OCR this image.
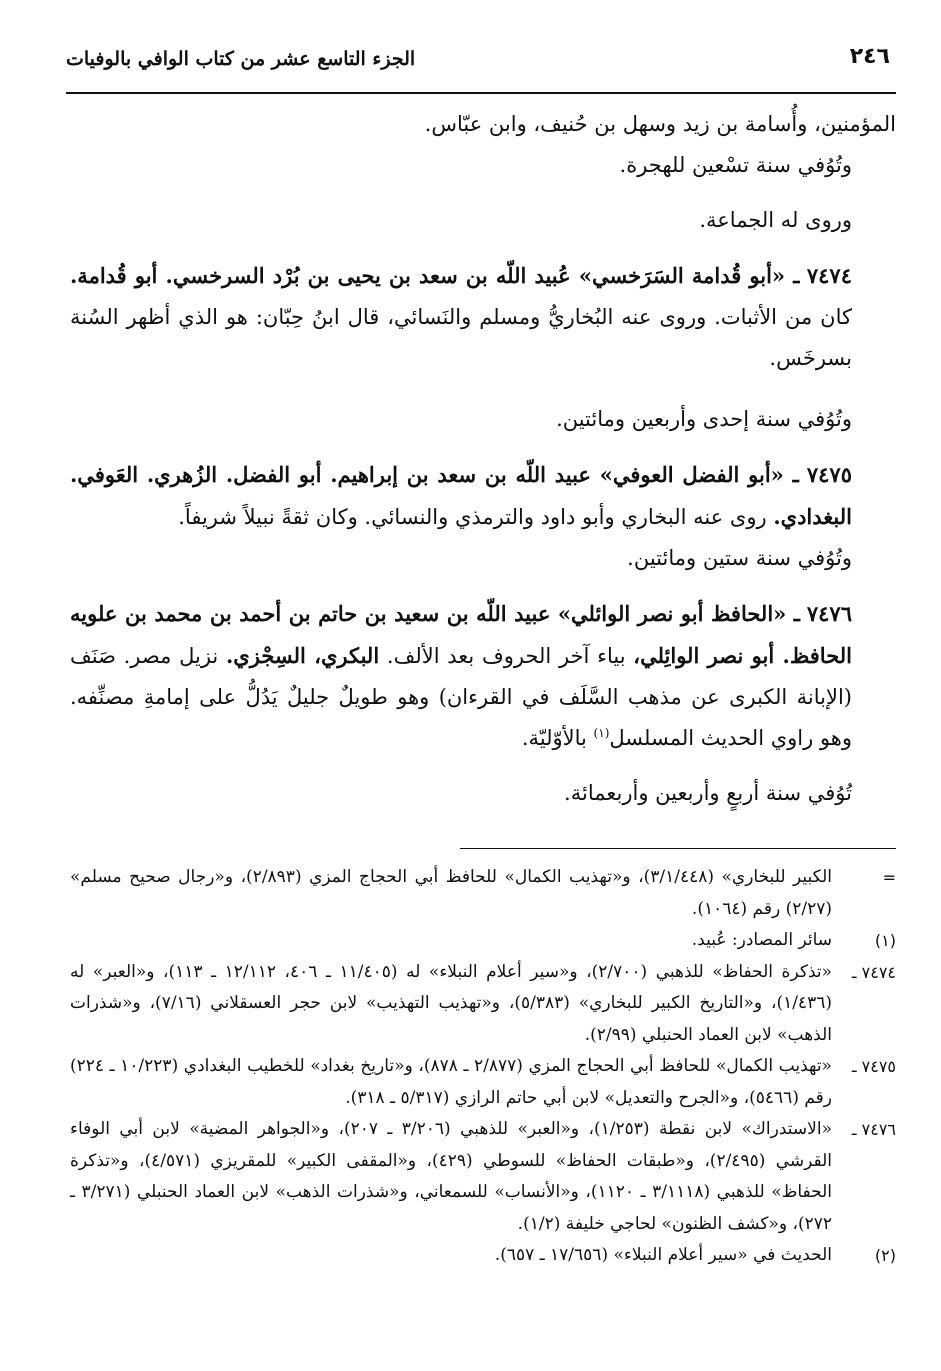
٢٤٦
الجزء التاسع عشر من كتاب الوافي بالوفيات

المؤمنين، وأُسامة بن زيد وسهل بن حُنيف، وابن عبّاس.

وتُوُفي سنة تسْعين للهجرة.

وروى له الجماعة.

٧٤٧٤ ـ «أبو قُدامة السَرَخسي» عُبيد اللّه بن سعد بن يحيى بن بُرْد السرخسي. أبو قُدامة. كان من الأثبات. وروى عنه البُخاريُّ ومسلم والنَسائي، قال ابنُ حِبّان: هو الذي أظهر السُنة بسرخَس.

وتُوُفي سنة إحدى وأربعين ومائتين.

٧٤٧٥ ـ «أبو الفضل العوفي» عبيد اللّه بن سعد بن إبراهيم. أبو الفضل. الزُهري. العَوفي. البغدادي. روى عنه البخاري وأبو داود والترمذي والنسائي. وكان ثقةً نبيلاً شريفاً.

وتُوُفي سنة ستين ومائتين.

٧٤٧٦ ـ «الحافظ أبو نصر الوائلي» عبيد اللّه بن سعيد بن حاتم بن أحمد بن محمد بن علويه الحافظ. أبو نصر الوائِلي، بياء آخر الحروف بعد الألف. البكري، السِجْزي. نزيل مصر. صَنَف (الإبانة الكبرى عن مذهب السَّلَف في القرءان) وهو طويلٌ جليلٌ يَدُلُّ على إمامةِ مصنِّفه. وهو راوي الحديث المسلسل$^{(١)}$ بالأوّليّة.

تُوُفي سنة أربعٍ وأربعين وأربعمائة.

=
الكبير للبخاري» (٣/١/٤٤٨)، و«تهذيب الكمال» للحافظ أبي الحجاج المزي (٢/٨٩٣)، و«رجال صحيح مسلم» (٢/٢٧) رقم (١٠٦٤).
(١)
سائر المصادر: عُبيد.
٧٤٧٤ ـ
«تذكرة الحفاظ» للذهبي (٢/٧٠٠)، و«سير أعلام النبلاء» له (١١/٤٠٥ ـ ٤٠٦، ١٢/١١٢ ـ ١١٣)، و«العبر» له (١/٤٣٦)، و«التاريخ الكبير للبخاري» (٥/٣٨٣)، و«تهذيب التهذيب» لابن حجر العسقلاني (٧/١٦)، و«شذرات الذهب» لابن العماد الحنبلي (٢/٩٩).
٧٤٧٥ ـ
«تهذيب الكمال» للحافظ أبي الحجاج المزي (٢/٨٧٧ ـ ٨٧٨)، و«تاريخ بغداد» للخطيب البغدادي (١٠/٢٢٣ ـ ٢٢٤) رقم (٥٤٦٦)، و«الجرح والتعديل» لابن أبي حاتم الرازي (٥/٣١٧ ـ ٣١٨).
٧٤٧٦ ـ
«الاستدراك» لابن نقطة (١/٢٥٣)، و«العبر» للذهبي (٣/٢٠٦ ـ ٢٠٧)، و«الجواهر المضية» لابن أبي الوفاء القرشي (٢/٤٩٥)، و«طبقات الحفاظ» للسوطي (٤٢٩)، و«المقفى الكبير» للمقريزي (٤/٥٧١)، و«تذكرة الحفاظ» للذهبي (٣/١١١٨ ـ ١١٢٠)، و«الأنساب» للسمعاني، و«شذرات الذهب» لابن العماد الحنبلي (٣/٢٧١ ـ ٢٧٢)، و«كشف الظنون» لحاجي خليفة (١/٢).
(٢)
الحديث في «سير أعلام النبلاء» (١٧/٦٥٦ ـ ٦٥٧).
